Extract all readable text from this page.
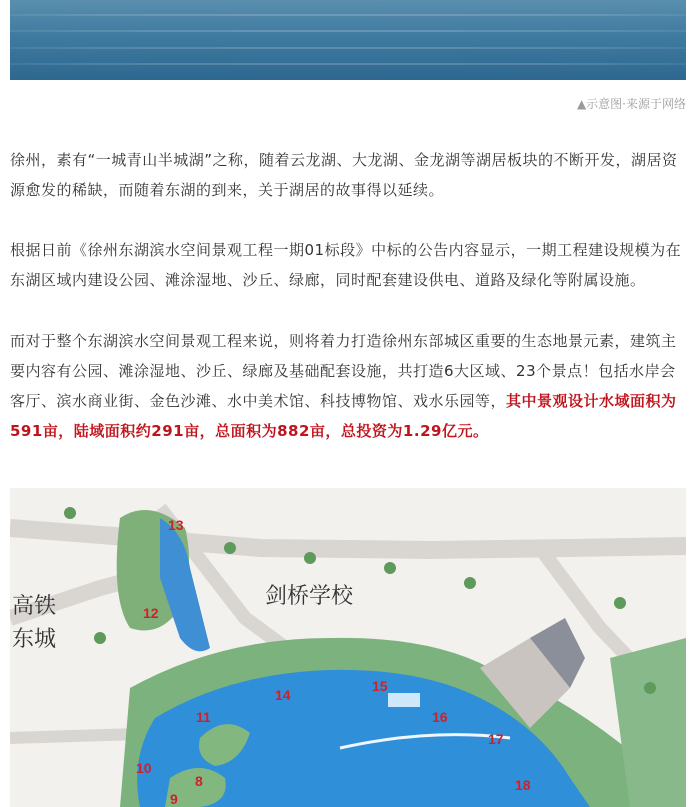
▲示意图·来源于网络

徐州，素有“一城青山半城湖”之称，随着云龙湖、大龙湖、金龙湖等湖居板块的不断开发，湖居资源愈发的稀缺，而随着东湖的到来，关于湖居的故事得以延续。

根据日前《徐州东湖滨水空间景观工程一期01标段》中标的公告内容显示，一期工程建设规模为在东湖区域内建设公园、滩涂湿地、沙丘、绿廊，同时配套建设供电、道路及绿化等附属设施。

而对于整个东湖滨水空间景观工程来说，则将着力打造徐州东部城区重要的生态地景元素，建筑主要内容有公园、滩涂湿地、沙丘、绿廊及基础配套设施，共打造6大区域、23个景点！包括水岸会客厅、滨水商业街、金色沙滩、水中美术馆、科技博物馆、戏水乐园等，其中景观设计水域面积为591亩，陆域面积约291亩，总面积为882亩，总投资为1.29亿元。

高铁
东城
剑桥学校
13
12
14
15
11	16
17
10
8
9
18
